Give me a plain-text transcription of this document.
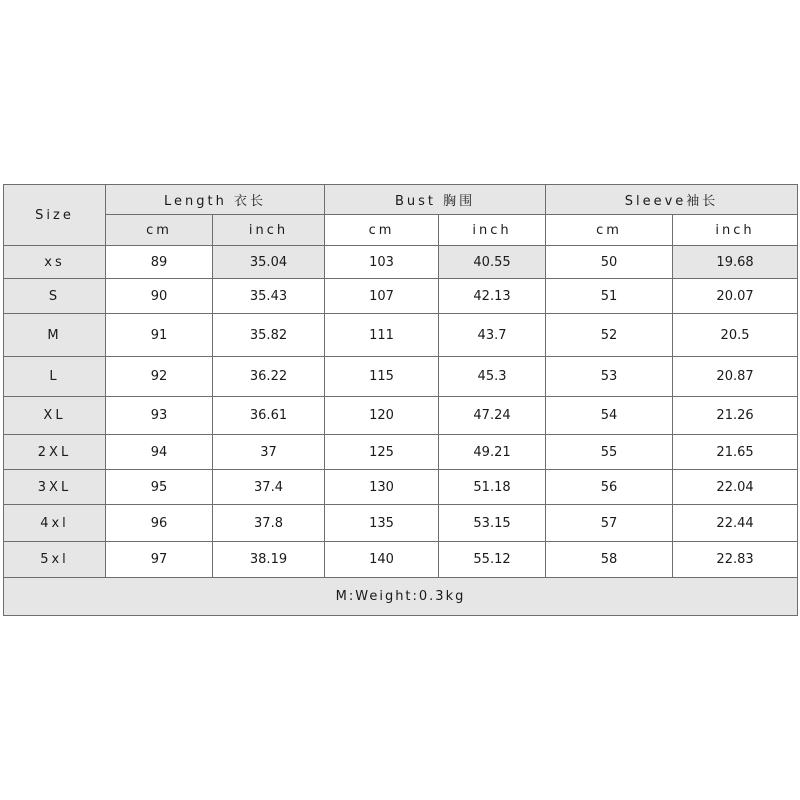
Size	Length 衣长		Bust 胸围		Sleeve袖长	
	cm	inch	cm	inch	cm	inch
xs	89	35.04	103	40.55	50	19.68
S	90	35.43	107	42.13	51	20.07
M	91	35.82	111	43.7	52	20.5
L	92	36.22	115	45.3	53	20.87
XL	93	36.61	120	47.24	54	21.26
2XL	94	37	125	49.21	55	21.65
3XL	95	37.4	130	51.18	56	22.04
4xl	96	37.8	135	53.15	57	22.44
5xl	97	38.19	140	55.12	58	22.83
M:Weight:0.3kg						
